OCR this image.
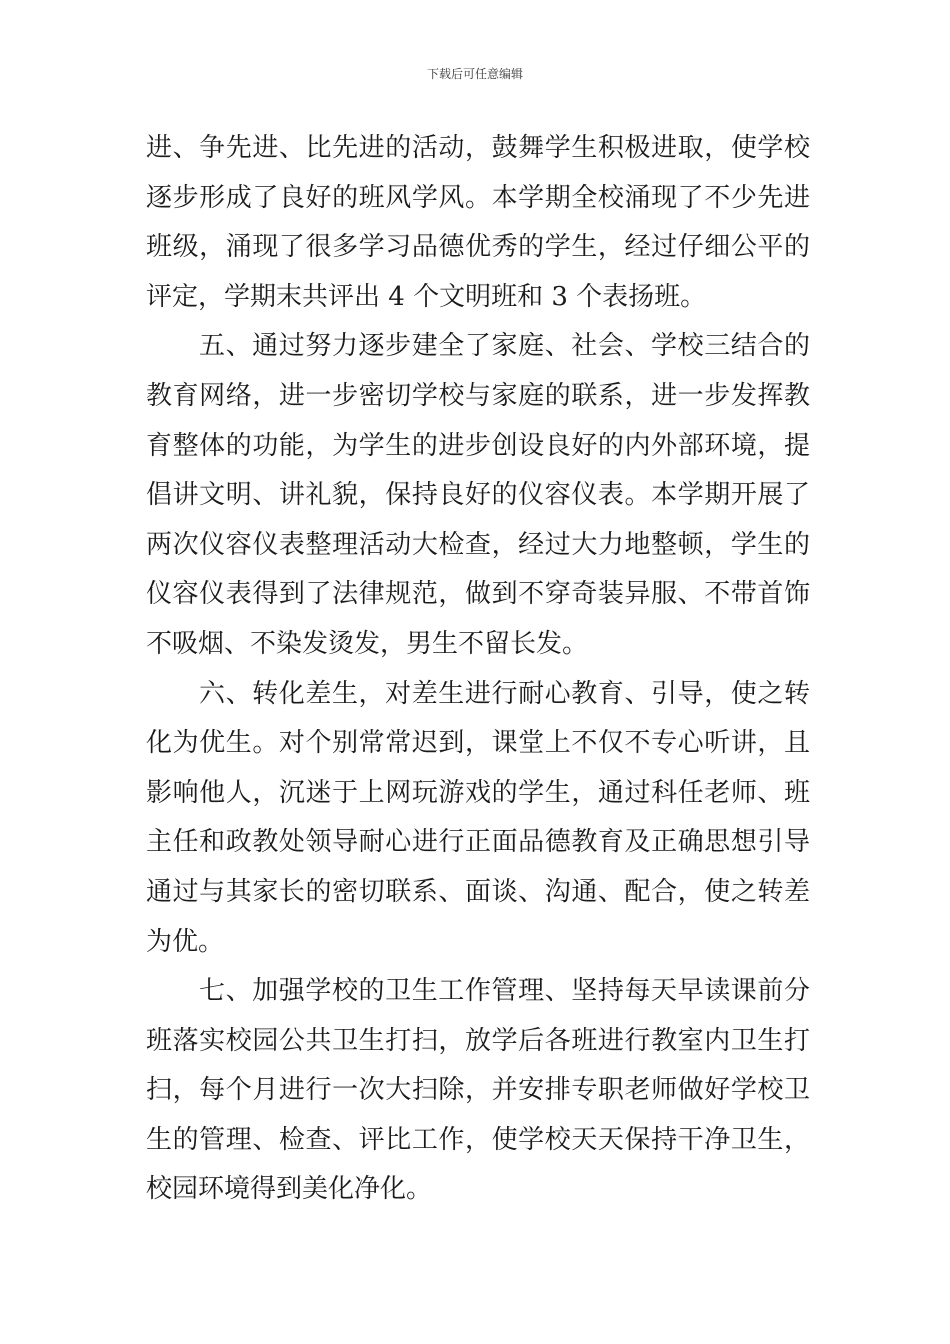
下载后可任意编辑
进、争先进、比先进的活动，鼓舞学生积极进取，使学校
逐步形成了良好的班风学风。本学期全校涌现了不少先进
班级，涌现了很多学习品德优秀的学生，经过仔细公平的
评定，学期末共评出 4 个文明班和 3 个表扬班。
五、通过努力逐步建全了家庭、社会、学校三结合的
教育网络，进一步密切学校与家庭的联系，进一步发挥教
育整体的功能，为学生的进步创设良好的内外部环境，提
倡讲文明、讲礼貌，保持良好的仪容仪表。本学期开展了
两次仪容仪表整理活动大检查，经过大力地整顿，学生的
仪容仪表得到了法律规范，做到不穿奇装异服、不带首饰
不吸烟、不染发烫发，男生不留长发。
六、转化差生，对差生进行耐心教育、引导，使之转
化为优生。对个别常常迟到，课堂上不仅不专心听讲，且
影响他人，沉迷于上网玩游戏的学生，通过科任老师、班
主任和政教处领导耐心进行正面品德教育及正确思想引导
通过与其家长的密切联系、面谈、沟通、配合，使之转差
为优。
七、加强学校的卫生工作管理、坚持每天早读课前分
班落实校园公共卫生打扫，放学后各班进行教室内卫生打
扫，每个月进行一次大扫除，并安排专职老师做好学校卫
生的管理、检查、评比工作，使学校天天保持干净卫生，
校园环境得到美化净化。
